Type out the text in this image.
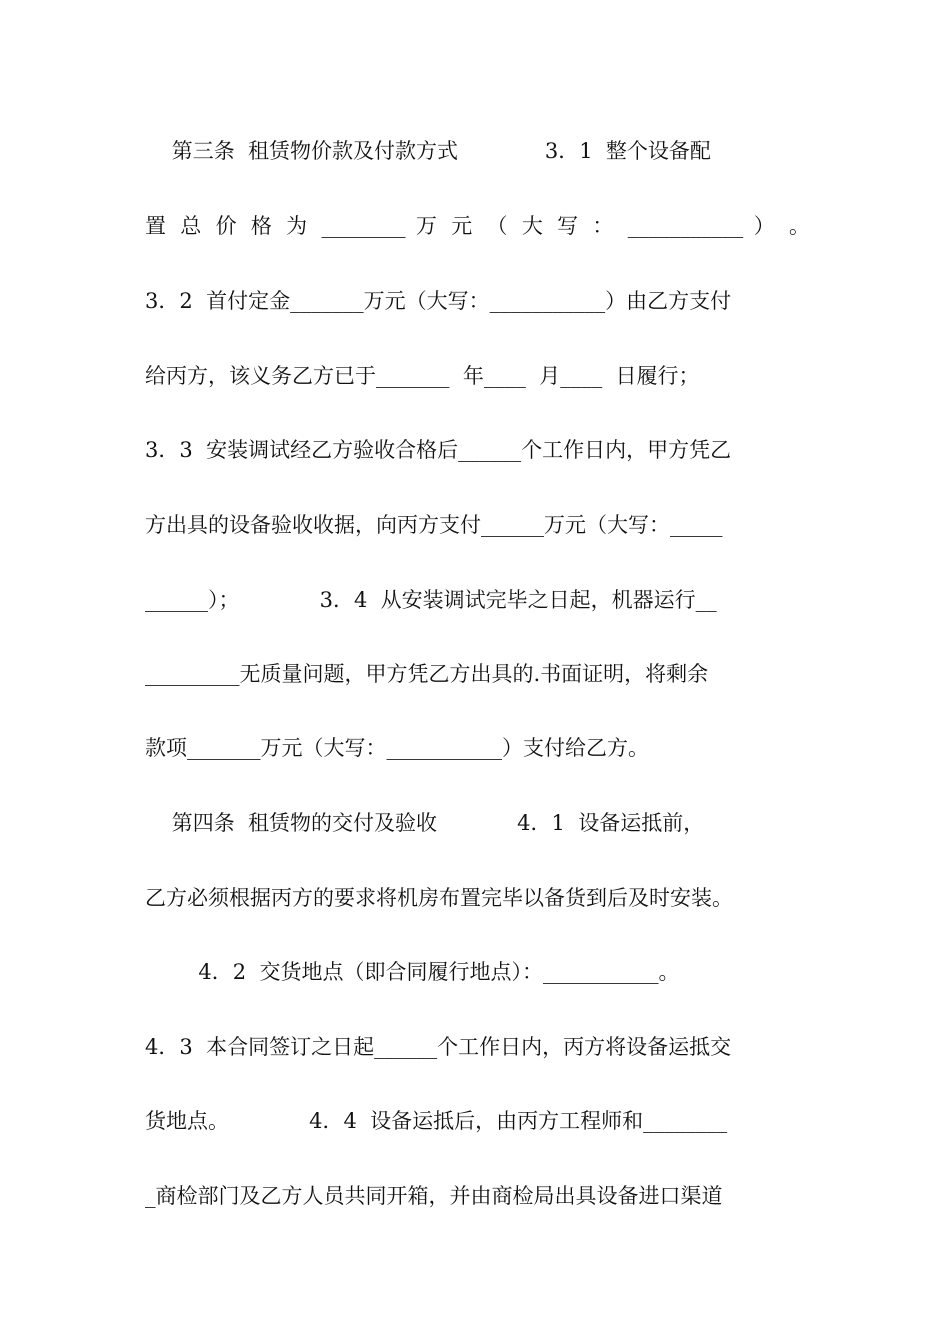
第三条  租赁物价款及付款方式             3．1  整个设备配
置 总 价 格 为 ________ 万 元 （ 大 写 ： ___________ ） 。
3．2  首付定金_______万元（大写：___________）由乙方支付
给丙方，该义务乙方已于_______  年____  月____  日履行；
3．3  安装调试经乙方验收合格后______个工作日内，甲方凭乙
方出具的设备验收收据，向丙方支付______万元（大写：_____
______）；            3．4  从安装调试完毕之日起，机器运行__
_________无质量问题，甲方凭乙方出具的.书面证明，将剩余
款项_______万元（大写：___________）支付给乙方。
第四条  租赁物的交付及验收            4．1  设备运抵前，
乙方必须根据丙方的要求将机房布置完毕以备货到后及时安装。
4．2  交货地点（即合同履行地点）：___________。
4．3  本合同签订之日起______个工作日内，丙方将设备运抵交
货地点。            4．4  设备运抵后，由丙方工程师和________
_商检部门及乙方人员共同开箱，并由商检局出具设备进口渠道
